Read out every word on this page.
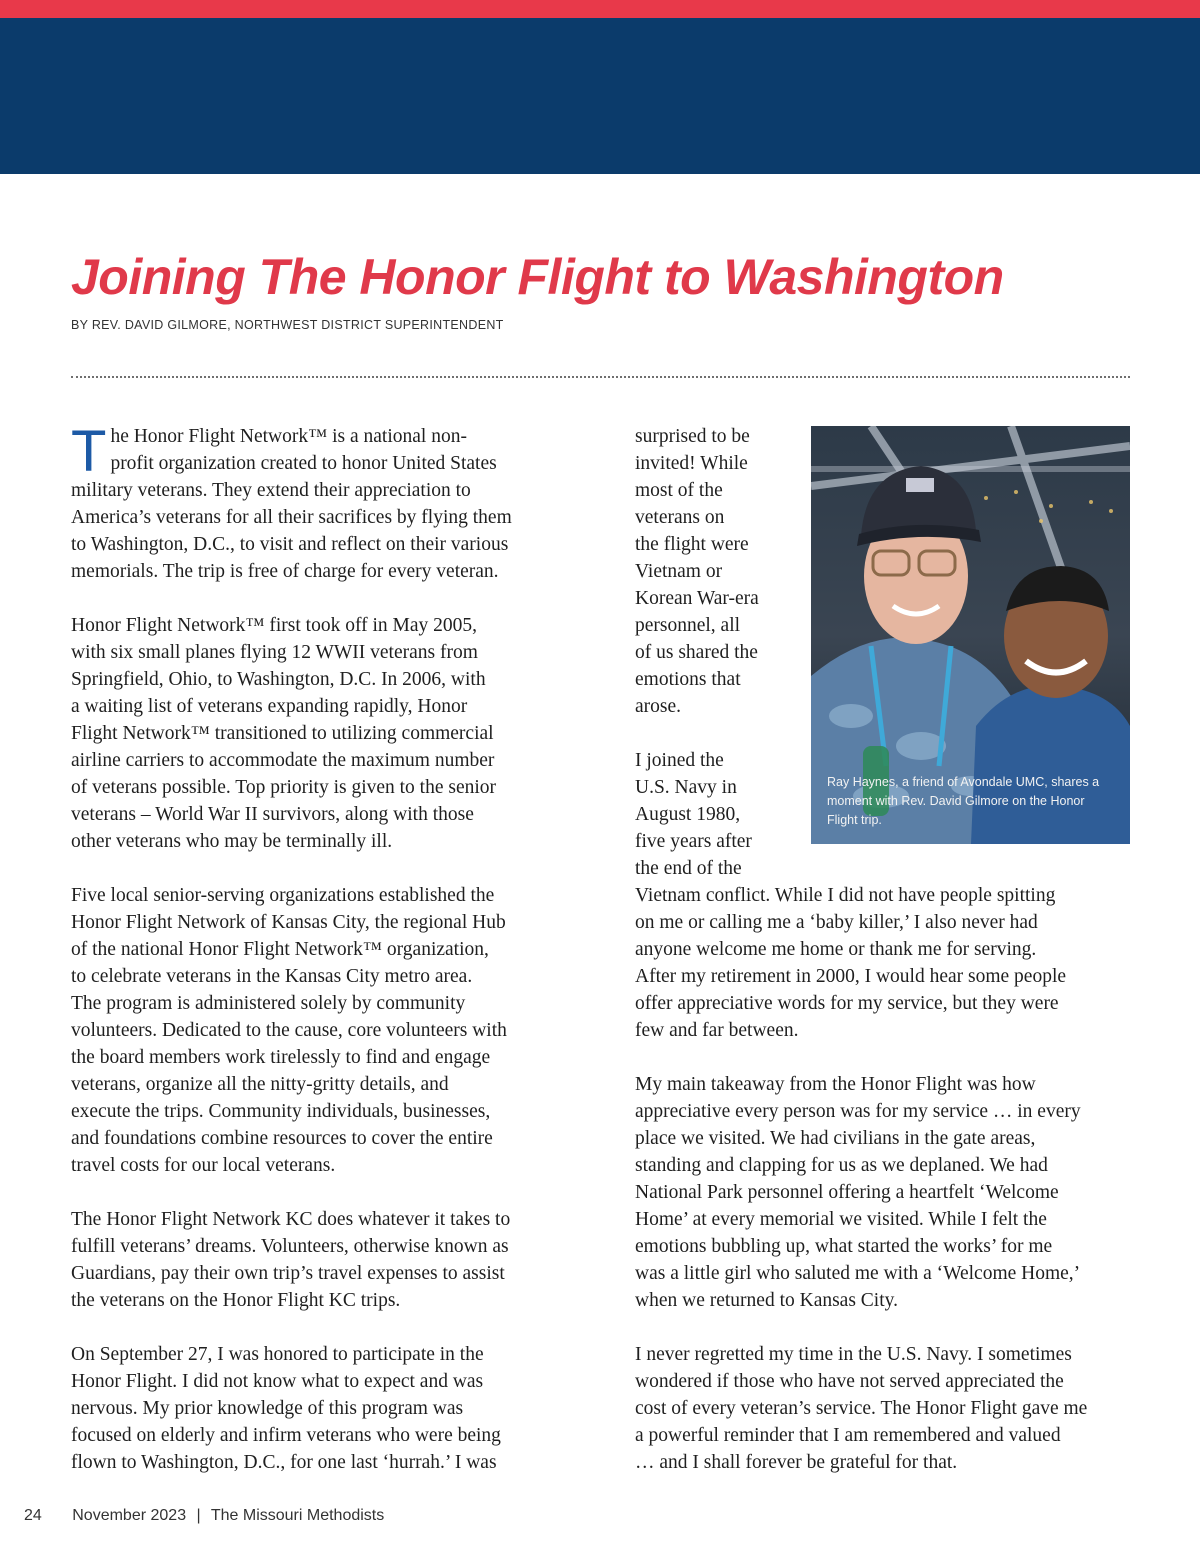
Joining The Honor Flight to Washington
BY REV. DAVID GILMORE, NORTHWEST DISTRICT SUPERINTENDENT
T he Honor Flight Network™ is a national non-
profit organization created to honor United States
military veterans. They extend their appreciation to
America’s veterans for all their sacrifices by flying them
to Washington, D.C., to visit and reflect on their various
memorials. The trip is free of charge for every veteran.

Honor Flight Network™ first took off in May 2005,
with six small planes flying 12 WWII veterans from
Springfield, Ohio, to Washington, D.C. In 2006, with
a waiting list of veterans expanding rapidly, Honor
Flight Network™ transitioned to utilizing commercial
airline carriers to accommodate the maximum number
of veterans possible. Top priority is given to the senior
veterans – World War II survivors, along with those
other veterans who may be terminally ill.

Five local senior-serving organizations established the
Honor Flight Network of Kansas City, the regional Hub
of the national Honor Flight Network™ organization,
to celebrate veterans in the Kansas City metro area.
The program is administered solely by community
volunteers. Dedicated to the cause, core volunteers with
the board members work tirelessly to find and engage
veterans, organize all the nitty-gritty details, and
execute the trips. Community individuals, businesses,
and foundations combine resources to cover the entire
travel costs for our local veterans.

The Honor Flight Network KC does whatever it takes to
fulfill veterans’ dreams. Volunteers, otherwise known as
Guardians, pay their own trip’s travel expenses to assist
the veterans on the Honor Flight KC trips.

On September 27, I was honored to participate in the
Honor Flight. I did not know what to expect and was
nervous. My prior knowledge of this program was
focused on elderly and infirm veterans who were being
flown to Washington, D.C., for one last ‘hurrah.’ I was

surprised to be
invited! While
most of the
veterans on
the flight were
Vietnam or
Korean War-era
personnel, all
of us shared the
emotions that
arose.

I joined the
U.S. Navy in
August 1980,
five years after
the end of the
Vietnam conflict. While I did not have people spitting
on me or calling me a ‘baby killer,’ I also never had
anyone welcome me home or thank me for serving.
After my retirement in 2000, I would hear some people
offer appreciative words for my service, but they were
few and far between.

My main takeaway from the Honor Flight was how
appreciative every person was for my service … in every
place we visited. We had civilians in the gate areas,
standing and clapping for us as we deplaned. We had
National Park personnel offering a heartfelt ‘Welcome
Home’ at every memorial we visited. While I felt the
emotions bubbling up, what started the works’ for me
was a little girl who saluted me with a ‘Welcome Home,’
when we returned to Kansas City.

I never regretted my time in the U.S. Navy. I sometimes
wondered if those who have not served appreciated the
cost of every veteran’s service. The Honor Flight gave me
a powerful reminder that I am remembered and valued
… and I shall forever be grateful for that.

Ray Haynes, a friend of Avondale UMC, shares a moment with Rev. David Gilmore on the Honor Flight trip.
24 November 2023 | The Missouri Methodists
